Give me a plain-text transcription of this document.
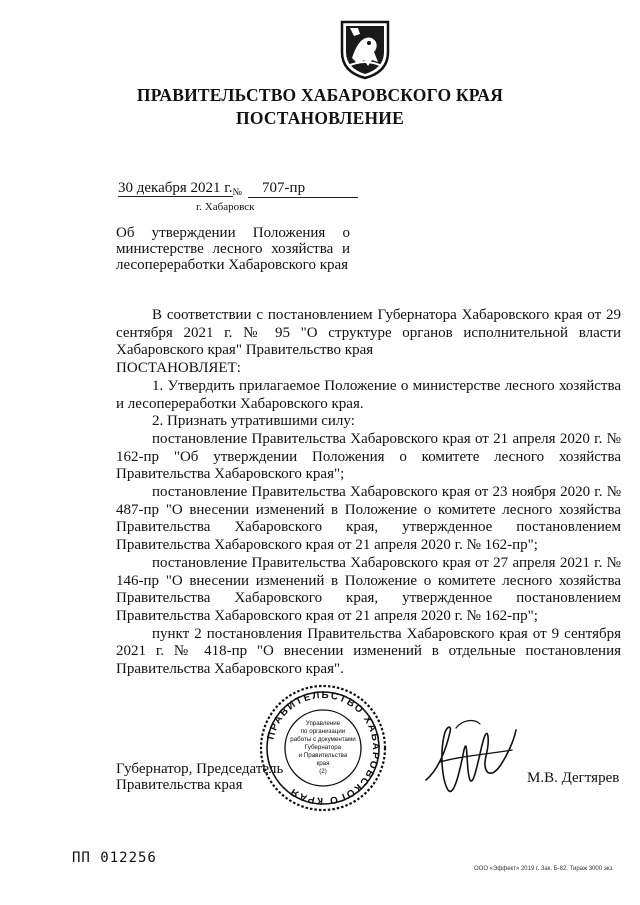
ПРАВИТЕЛЬСТВО ХАБАРОВСКОГО КРАЯ
ПОСТАНОВЛЕНИЕ
30 декабря 2021 $г._№$ 707-пр
г. Хабаровск
Об утверждении Положения о министерстве лесного хозяйства и лесопереработки Хабаровского края

В соответствии с постановлением Губернатора Хабаровского края от 29 сентября 2021 г. № 95 "О структуре органов исполнительной власти Хабаровского края" Правительство края

ПОСТАНОВЛЯЕТ:

1. Утвердить прилагаемое Положение о министерстве лесного хозяйства и лесопереработки Хабаровского края.

2. Признать утратившими силу:

постановление Правительства Хабаровского края от 21 апреля 2020 г. № 162-пр "Об утверждении Положения о комитете лесного хозяйства Правительства Хабаровского края";

постановление Правительства Хабаровского края от 23 ноября 2020 г. № 487-пр "О внесении изменений в Положение о комитете лесного хозяйства Правительства Хабаровского края, утвержденное постановлением Правительства Хабаровского края от 21 апреля 2020 г. № 162-пр";

постановление Правительства Хабаровского края от 27 апреля 2021 г. № 146-пр "О внесении изменений в Положение о комитете лесного хозяйства Правительства Хабаровского края, утвержденное постановлением Правительства Хабаровского края от 21 апреля 2020 г. № 162-пр";

пункт 2 постановления Правительства Хабаровского края от 9 сентября 2021 г. № 418-пр "О внесении изменений в отдельные постановления Правительства Хабаровского края".

Губернатор, Председатель
Правительства края
ПРАВИТЕЛЬСТВО ХАБАРОВСКОГО КРАЯ
Управление
по организации
работы с документами
Губернатора
и Правительства
края
(2)	М.В. Дегтярев
ПП 012256
ООО «Эффект» 2019 г. Зак. Б-82. Тираж 3000 экз.
